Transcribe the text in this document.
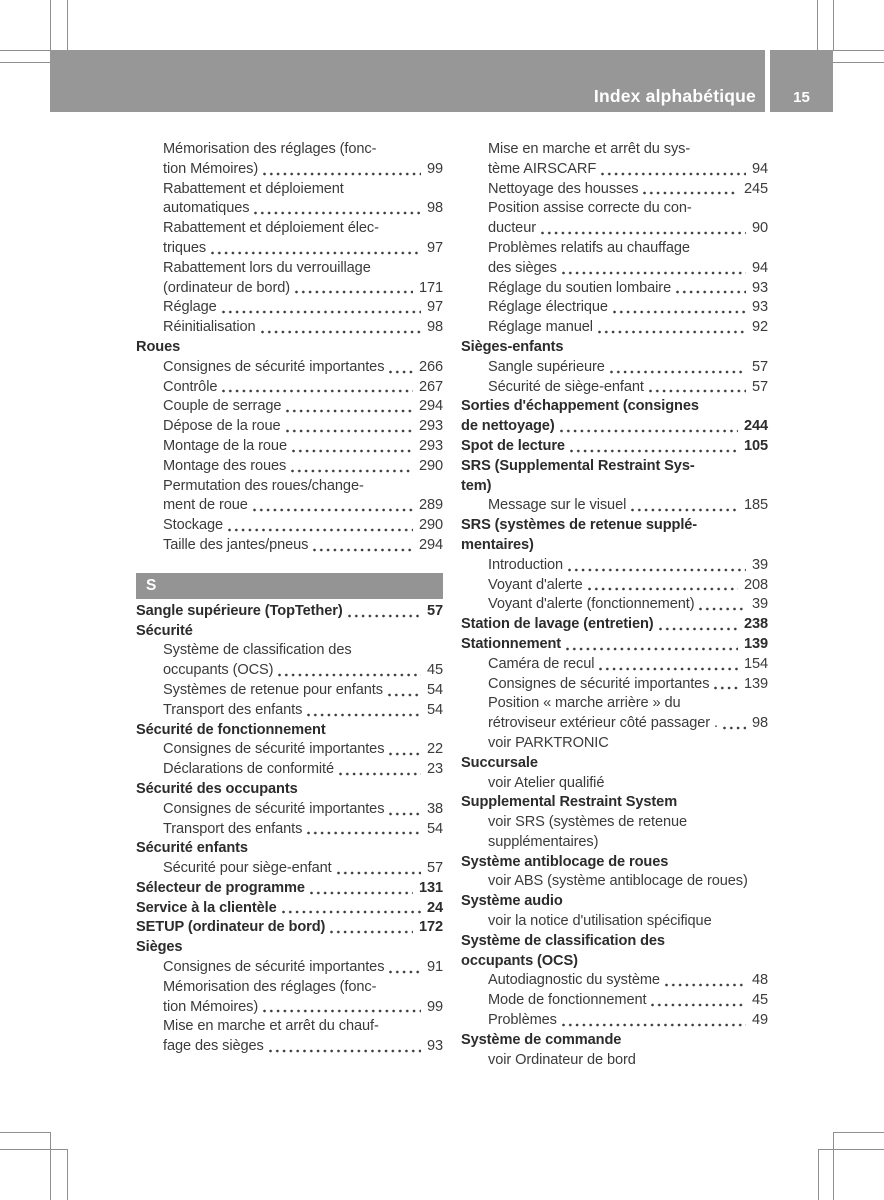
Index alphabétique 15
Mémorisation des réglages (fonc-
tion Mémoires)	99
Rabattement et déploiement
automatiques	98
Rabattement et déploiement élec-
triques	97
Rabattement lors du verrouillage
(ordinateur de bord)	171
Réglage	97
Réinitialisation	98
Roues
Consignes de sécurité importantes 266
Contrôle	267
Couple de serrage	294
Dépose de la roue	293
Montage de la roue	293
Montage des roues	290
Permutation des roues/change-
ment de roue	289
Stockage	290
Taille des jantes/pneus	294
S
Sangle supérieure (TopTether)	57
Sécurité
Système de classification des
occupants (OCS)	45
Systèmes de retenue pour enfants	54
Transport des enfants	54
Sécurité de fonctionnement
Consignes de sécurité importantes	22
Déclarations de conformité	23
Sécurité des occupants
Consignes de sécurité importantes	38
Transport des enfants	54
Sécurité enfants
Sécurité pour siège-enfant	57
Sélecteur de programme	131
Service à la clientèle	24
SETUP (ordinateur de bord)	172
Sièges
Consignes de sécurité importantes	91
Mémorisation des réglages (fonc-
tion Mémoires)	99
Mise en marche et arrêt du chauf-
fage des sièges	93
Mise en marche et arrêt du sys-
tème AIRSCARF	94
Nettoyage des housses	245
Position assise correcte du con-
ducteur	90
Problèmes relatifs au chauffage
des sièges	94
Réglage du soutien lombaire	93
Réglage électrique	93
Réglage manuel	92
Sièges-enfants
Sangle supérieure	57
Sécurité de siège-enfant	57
Sorties d'échappement (consignes
de nettoyage)	244
Spot de lecture	105
SRS (Supplemental Restraint Sys-
tem)
Message sur le visuel	185
SRS (systèmes de retenue supplé-
mentaires)
Introduction	39
Voyant d'alerte	208
Voyant d'alerte (fonctionnement)	39
Station de lavage (entretien)	238
Stationnement	139
Caméra de recul	154
Consignes de sécurité importantes 139
Position « marche arrière » du
rétroviseur extérieur côté passager . 98
voir PARKTRONIC
Succursale
voir Atelier qualifié
Supplemental Restraint System
voir SRS (systèmes de retenue
supplémentaires)
Système antiblocage de roues
voir ABS (système antiblocage de roues)
Système audio
voir la notice d'utilisation spécifique
Système de classification des
occupants (OCS)
Autodiagnostic du système	48
Mode de fonctionnement	45
Problèmes	49
Système de commande
voir Ordinateur de bord
